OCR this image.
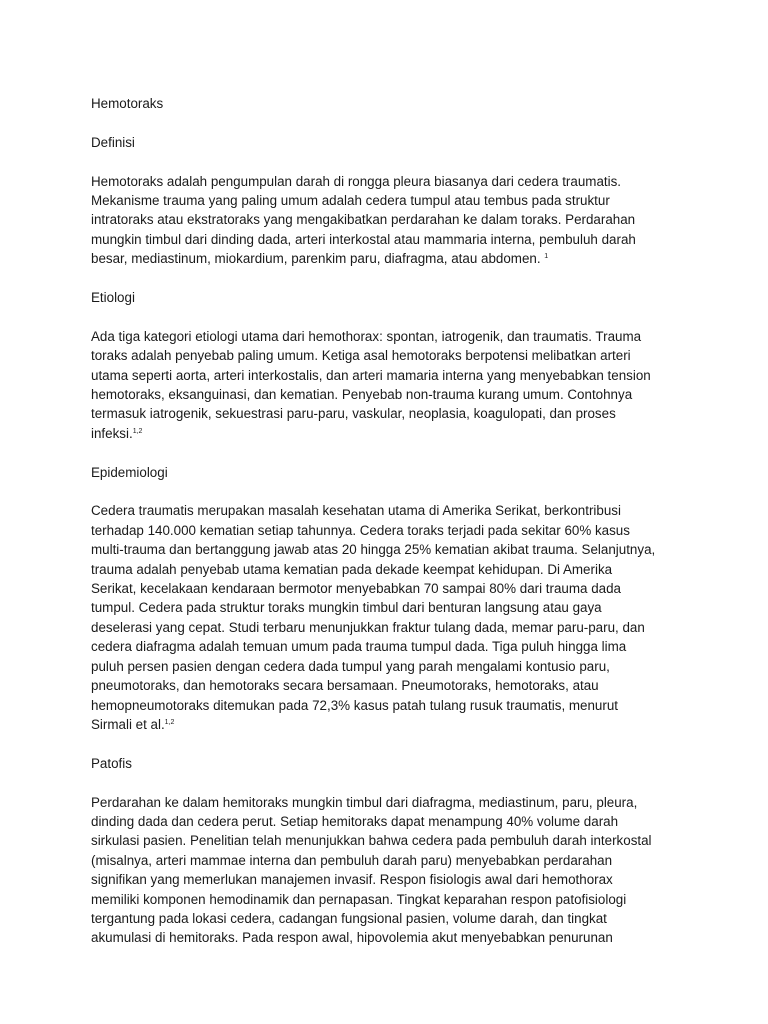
Hemotoraks

Definisi

Hemotoraks adalah pengumpulan darah di rongga pleura biasanya dari cedera traumatis.
Mekanisme trauma yang paling umum adalah cedera tumpul atau tembus pada struktur
intratoraks atau ekstratoraks yang mengakibatkan perdarahan ke dalam toraks. Perdarahan
mungkin timbul dari dinding dada, arteri interkostal atau mammaria interna, pembuluh darah
besar, mediastinum, miokardium, parenkim paru, diafragma, atau abdomen. $^1$

Etiologi

Ada tiga kategori etiologi utama dari hemothorax: spontan, iatrogenik, dan traumatis. Trauma
toraks adalah penyebab paling umum. Ketiga asal hemotoraks berpotensi melibatkan arteri
utama seperti aorta, arteri interkostalis, dan arteri mamaria interna yang menyebabkan tension
hemotoraks, eksanguinasi, dan kematian. Penyebab non-trauma kurang umum. Contohnya
termasuk iatrogenik, sekuestrasi paru-paru, vaskular, neoplasia, koagulopati, dan proses
infeksi.$^{1,2}$

Epidemiologi

Cedera traumatis merupakan masalah kesehatan utama di Amerika Serikat, berkontribusi
terhadap 140.000 kematian setiap tahunnya. Cedera toraks terjadi pada sekitar 60% kasus
multi-trauma dan bertanggung jawab atas 20 hingga 25% kematian akibat trauma. Selanjutnya,
trauma adalah penyebab utama kematian pada dekade keempat kehidupan. Di Amerika
Serikat, kecelakaan kendaraan bermotor menyebabkan 70 sampai 80% dari trauma dada
tumpul. Cedera pada struktur toraks mungkin timbul dari benturan langsung atau gaya
deselerasi yang cepat. Studi terbaru menunjukkan fraktur tulang dada, memar paru-paru, dan
cedera diafragma adalah temuan umum pada trauma tumpul dada. Tiga puluh hingga lima
puluh persen pasien dengan cedera dada tumpul yang parah mengalami kontusio paru,
pneumotoraks, dan hemotoraks secara bersamaan. Pneumotoraks, hemotoraks, atau
hemopneumotoraks ditemukan pada 72,3% kasus patah tulang rusuk traumatis, menurut
Sirmali et al.$^{1,2}$

Patofis

Perdarahan ke dalam hemitoraks mungkin timbul dari diafragma, mediastinum, paru, pleura,
dinding dada dan cedera perut. Setiap hemitoraks dapat menampung 40% volume darah
sirkulasi pasien. Penelitian telah menunjukkan bahwa cedera pada pembuluh darah interkostal
(misalnya, arteri mammae interna dan pembuluh darah paru) menyebabkan perdarahan
signifikan yang memerlukan manajemen invasif. Respon fisiologis awal dari hemothorax
memiliki komponen hemodinamik dan pernapasan. Tingkat keparahan respon patofisiologi
tergantung pada lokasi cedera, cadangan fungsional pasien, volume darah, dan tingkat
akumulasi di hemitoraks. Pada respon awal, hipovolemia akut menyebabkan penurunan
